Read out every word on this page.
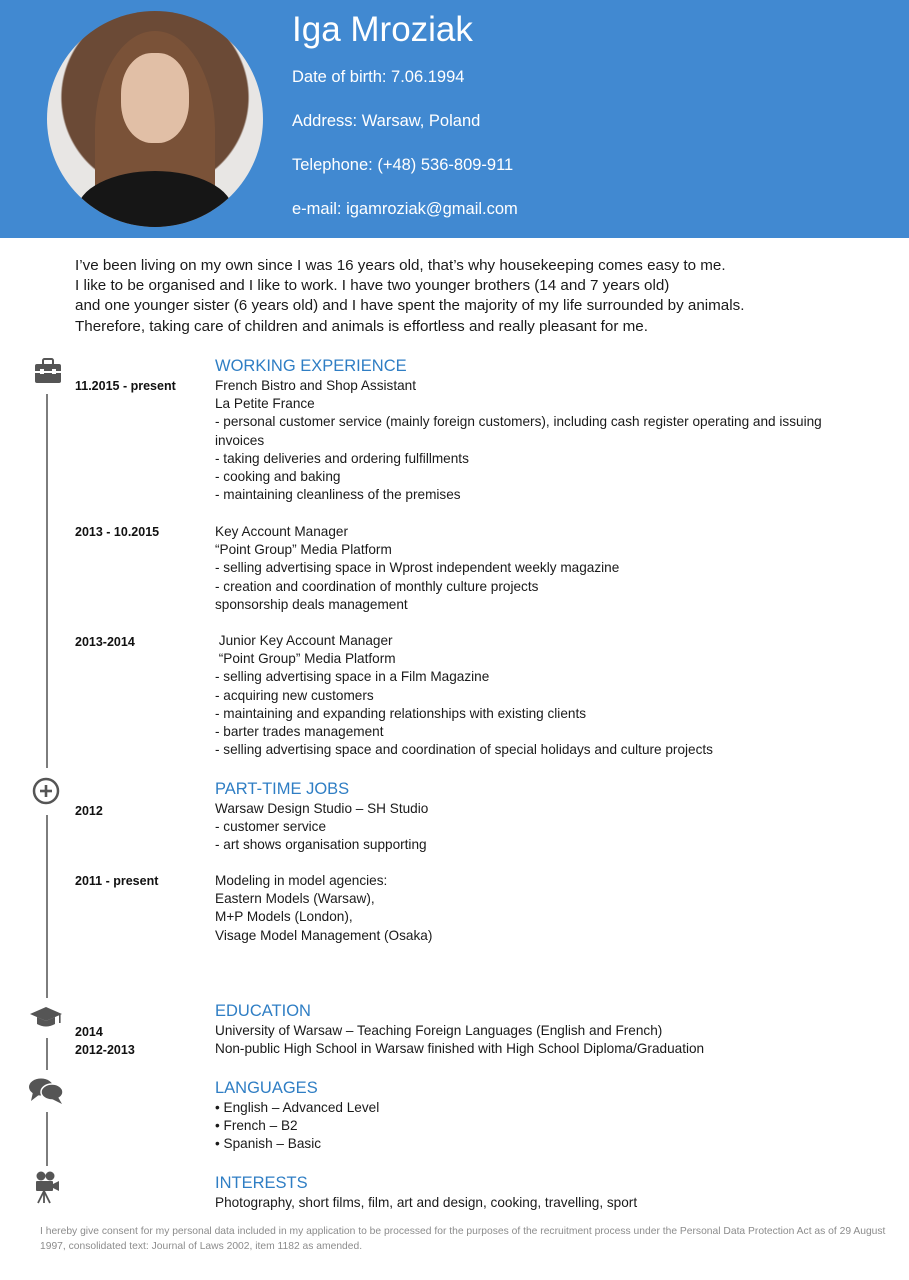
Iga Mroziak
Date of birth: 7.06.1994
Address: Warsaw, Poland
Telephone: (+48) 536-809-911
e-mail: igamroziak@gmail.com
I’ve been living on my own since I was 16 years old, that’s why housekeeping comes easy to me.
I like to be organised and I like to work. I have two younger brothers (14 and 7 years old)
and one younger sister (6 years old) and I have spent the majority of my life surrounded by animals.
Therefore, taking care of children and animals is effortless and really pleasant for me.
WORKING EXPERIENCE
11.2015 - present	French Bistro and Shop Assistant
La Petite France
- personal customer service (mainly foreign customers), including cash register operating and issuing invoices
- taking deliveries and ordering fulfillments
- cooking and baking
- maintaining cleanliness of the premises
2013 - 10.2015	Key Account Manager
“Point Group” Media Platform
- selling advertising space in Wprost independent weekly magazine
- creation and coordination of monthly culture projects
sponsorship deals management
2013-2014	Junior Key Account Manager
“Point Group” Media Platform
- selling advertising space in a Film Magazine
- acquiring new customers
- maintaining and expanding relationships with existing clients
- barter trades management
- selling advertising space and coordination of special holidays and culture projects
PART-TIME JOBS
2012	Warsaw Design Studio – SH Studio
- customer service
- art shows organisation supporting
2011 - present	Modeling in model agencies:
Eastern Models (Warsaw),
M+P Models (London),
Visage Model Management (Osaka)
EDUCATION
2014	University of Warsaw – Teaching Foreign Languages (English and French)
2012-2013	Non-public High School in Warsaw finished with High School Diploma/Graduation
LANGUAGES
• English – Advanced Level
• French – B2
• Spanish – Basic
INTERESTS
Photography, short films, film, art and design, cooking, travelling, sport
I hereby give consent for my personal data included in my application to be processed for the purposes of the recruitment process under the Personal Data Protection Act as of 29 August 1997, consolidated text: Journal of Laws 2002, item 1182 as amended.
